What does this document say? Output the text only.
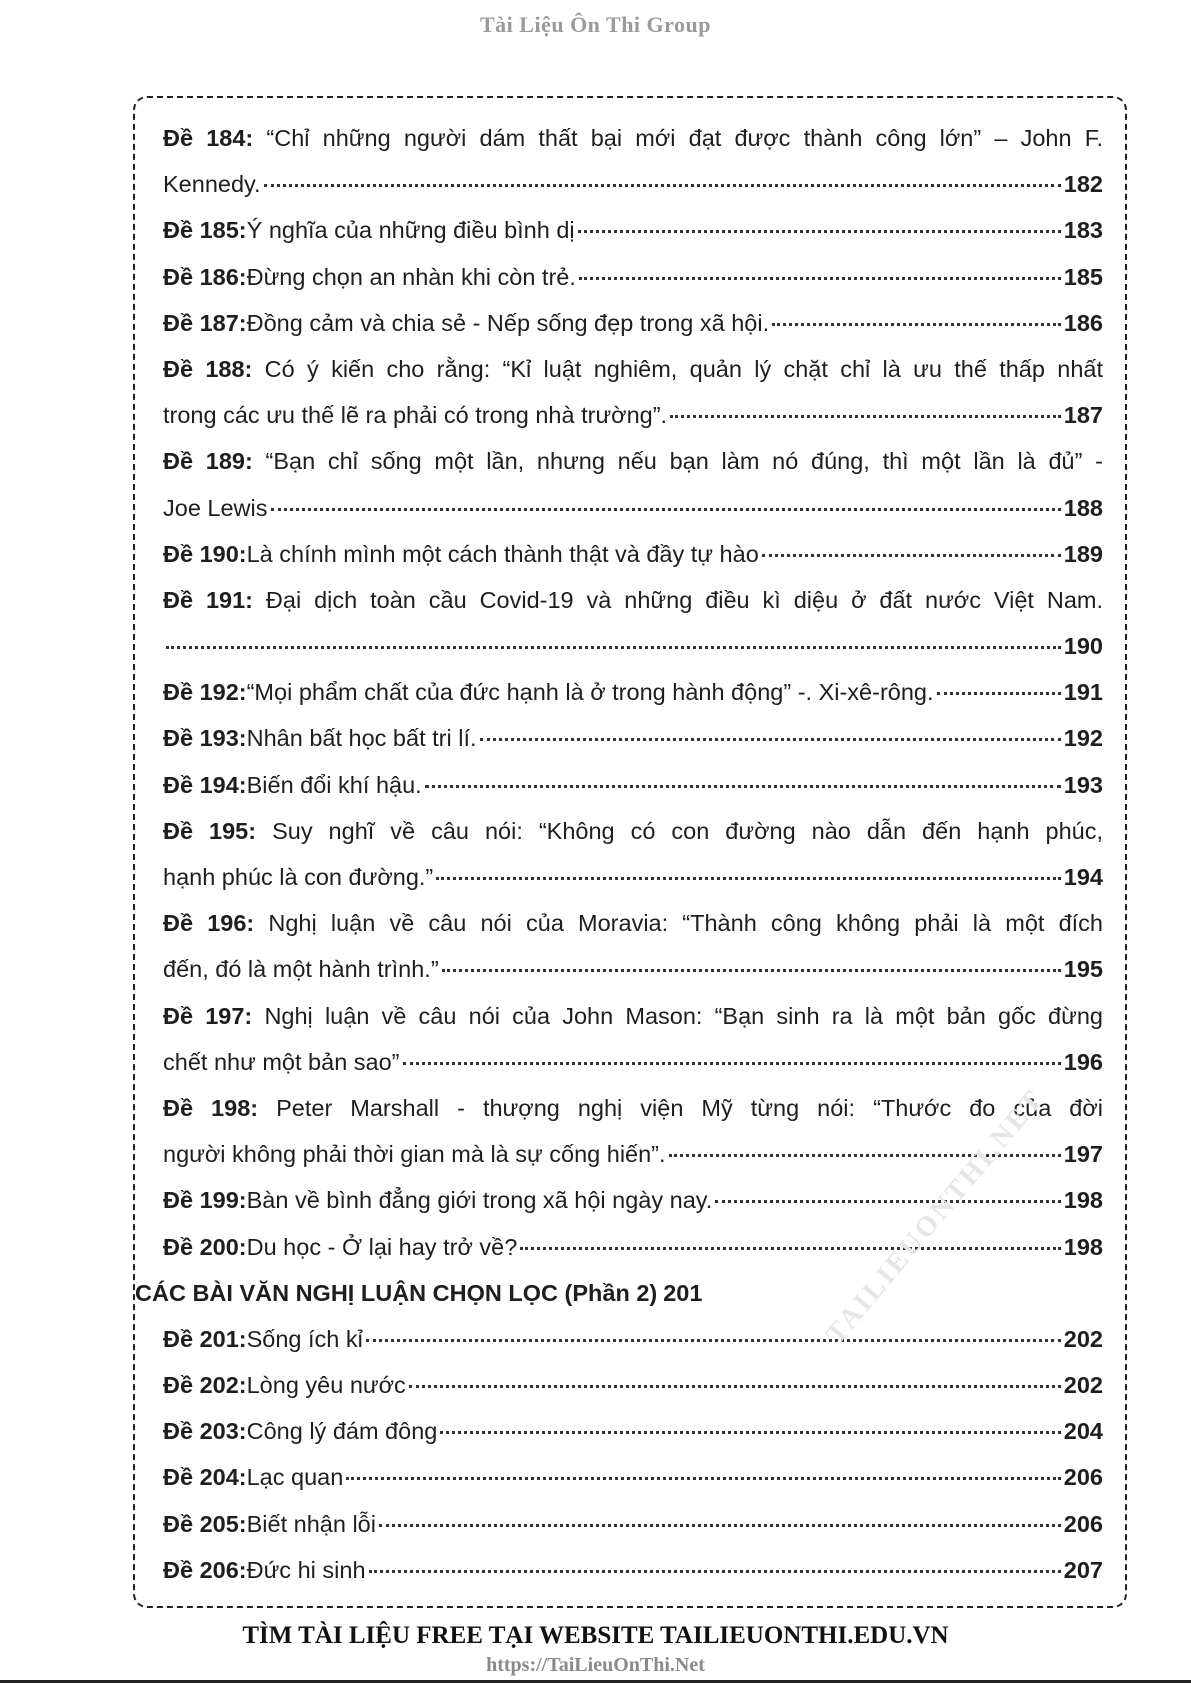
Tài Liệu Ôn Thi Group
Đề 184: “Chỉ những người dám thất bại mới đạt được thành công lớn” – John F.
Kennedy.	182
Đề 185: Ý nghĩa của những điều bình dị	183
Đề 186: Đừng chọn an nhàn khi còn trẻ.	185
Đề 187: Đồng cảm và chia sẻ - Nếp sống đẹp trong xã hội.	186
Đề 188: Có ý kiến cho rằng: “Kỉ luật nghiêm, quản lý chặt chỉ là ưu thế thấp nhất
trong các ưu thế lẽ ra phải có trong nhà trường”.	187
Đề 189: “Bạn chỉ sống một lần, nhưng nếu bạn làm nó đúng, thì một lần là đủ” -
Joe Lewis	188
Đề 190: Là chính mình một cách thành thật và đầy tự hào	189
Đề 191: Đại dịch toàn cầu Covid-19 và những điều kì diệu ở đất nước Việt Nam.
190
Đề 192: “Mọi phẩm chất của đức hạnh là ở trong hành động” -. Xi-xê-rông.	191
Đề 193: Nhân bất học bất tri lí.	192
Đề 194: Biến đổi khí hậu.	193
Đề 195: Suy nghĩ về câu nói: “Không có con đường nào dẫn đến hạnh phúc,
hạnh phúc là con đường.”	194
Đề 196: Nghị luận về câu nói của Moravia: “Thành công không phải là một đích
đến, đó là một hành trình.”	195
Đề 197: Nghị luận về câu nói của John Mason: “Bạn sinh ra là một bản gốc đừng
chết như một bản sao”	196
Đề 198: Peter Marshall - thượng nghị viện Mỹ từng nói: “Thước đo của đời
người không phải thời gian mà là sự cống hiến”.	197
Đề 199: Bàn về bình đẳng giới trong xã hội ngày nay.	198
Đề 200: Du học - Ở lại hay trở về?	198
CÁC BÀI VĂN NGHỊ LUẬN CHỌN LỌC (Phần 2) 201
Đề 201: Sống ích kỉ	202
Đề 202: Lòng yêu nước	202
Đề 203: Công lý đám đông	204
Đề 204: Lạc quan	206
Đề 205: Biết nhận lỗi	206
Đề 206: Đức hi sinh	207
TAILIEUONTHI.NET
TÌM TÀI LIỆU FREE TẠI WEBSITE TAILIEUONTHI.EDU.VN
https://TaiLieuOnThi.Net
